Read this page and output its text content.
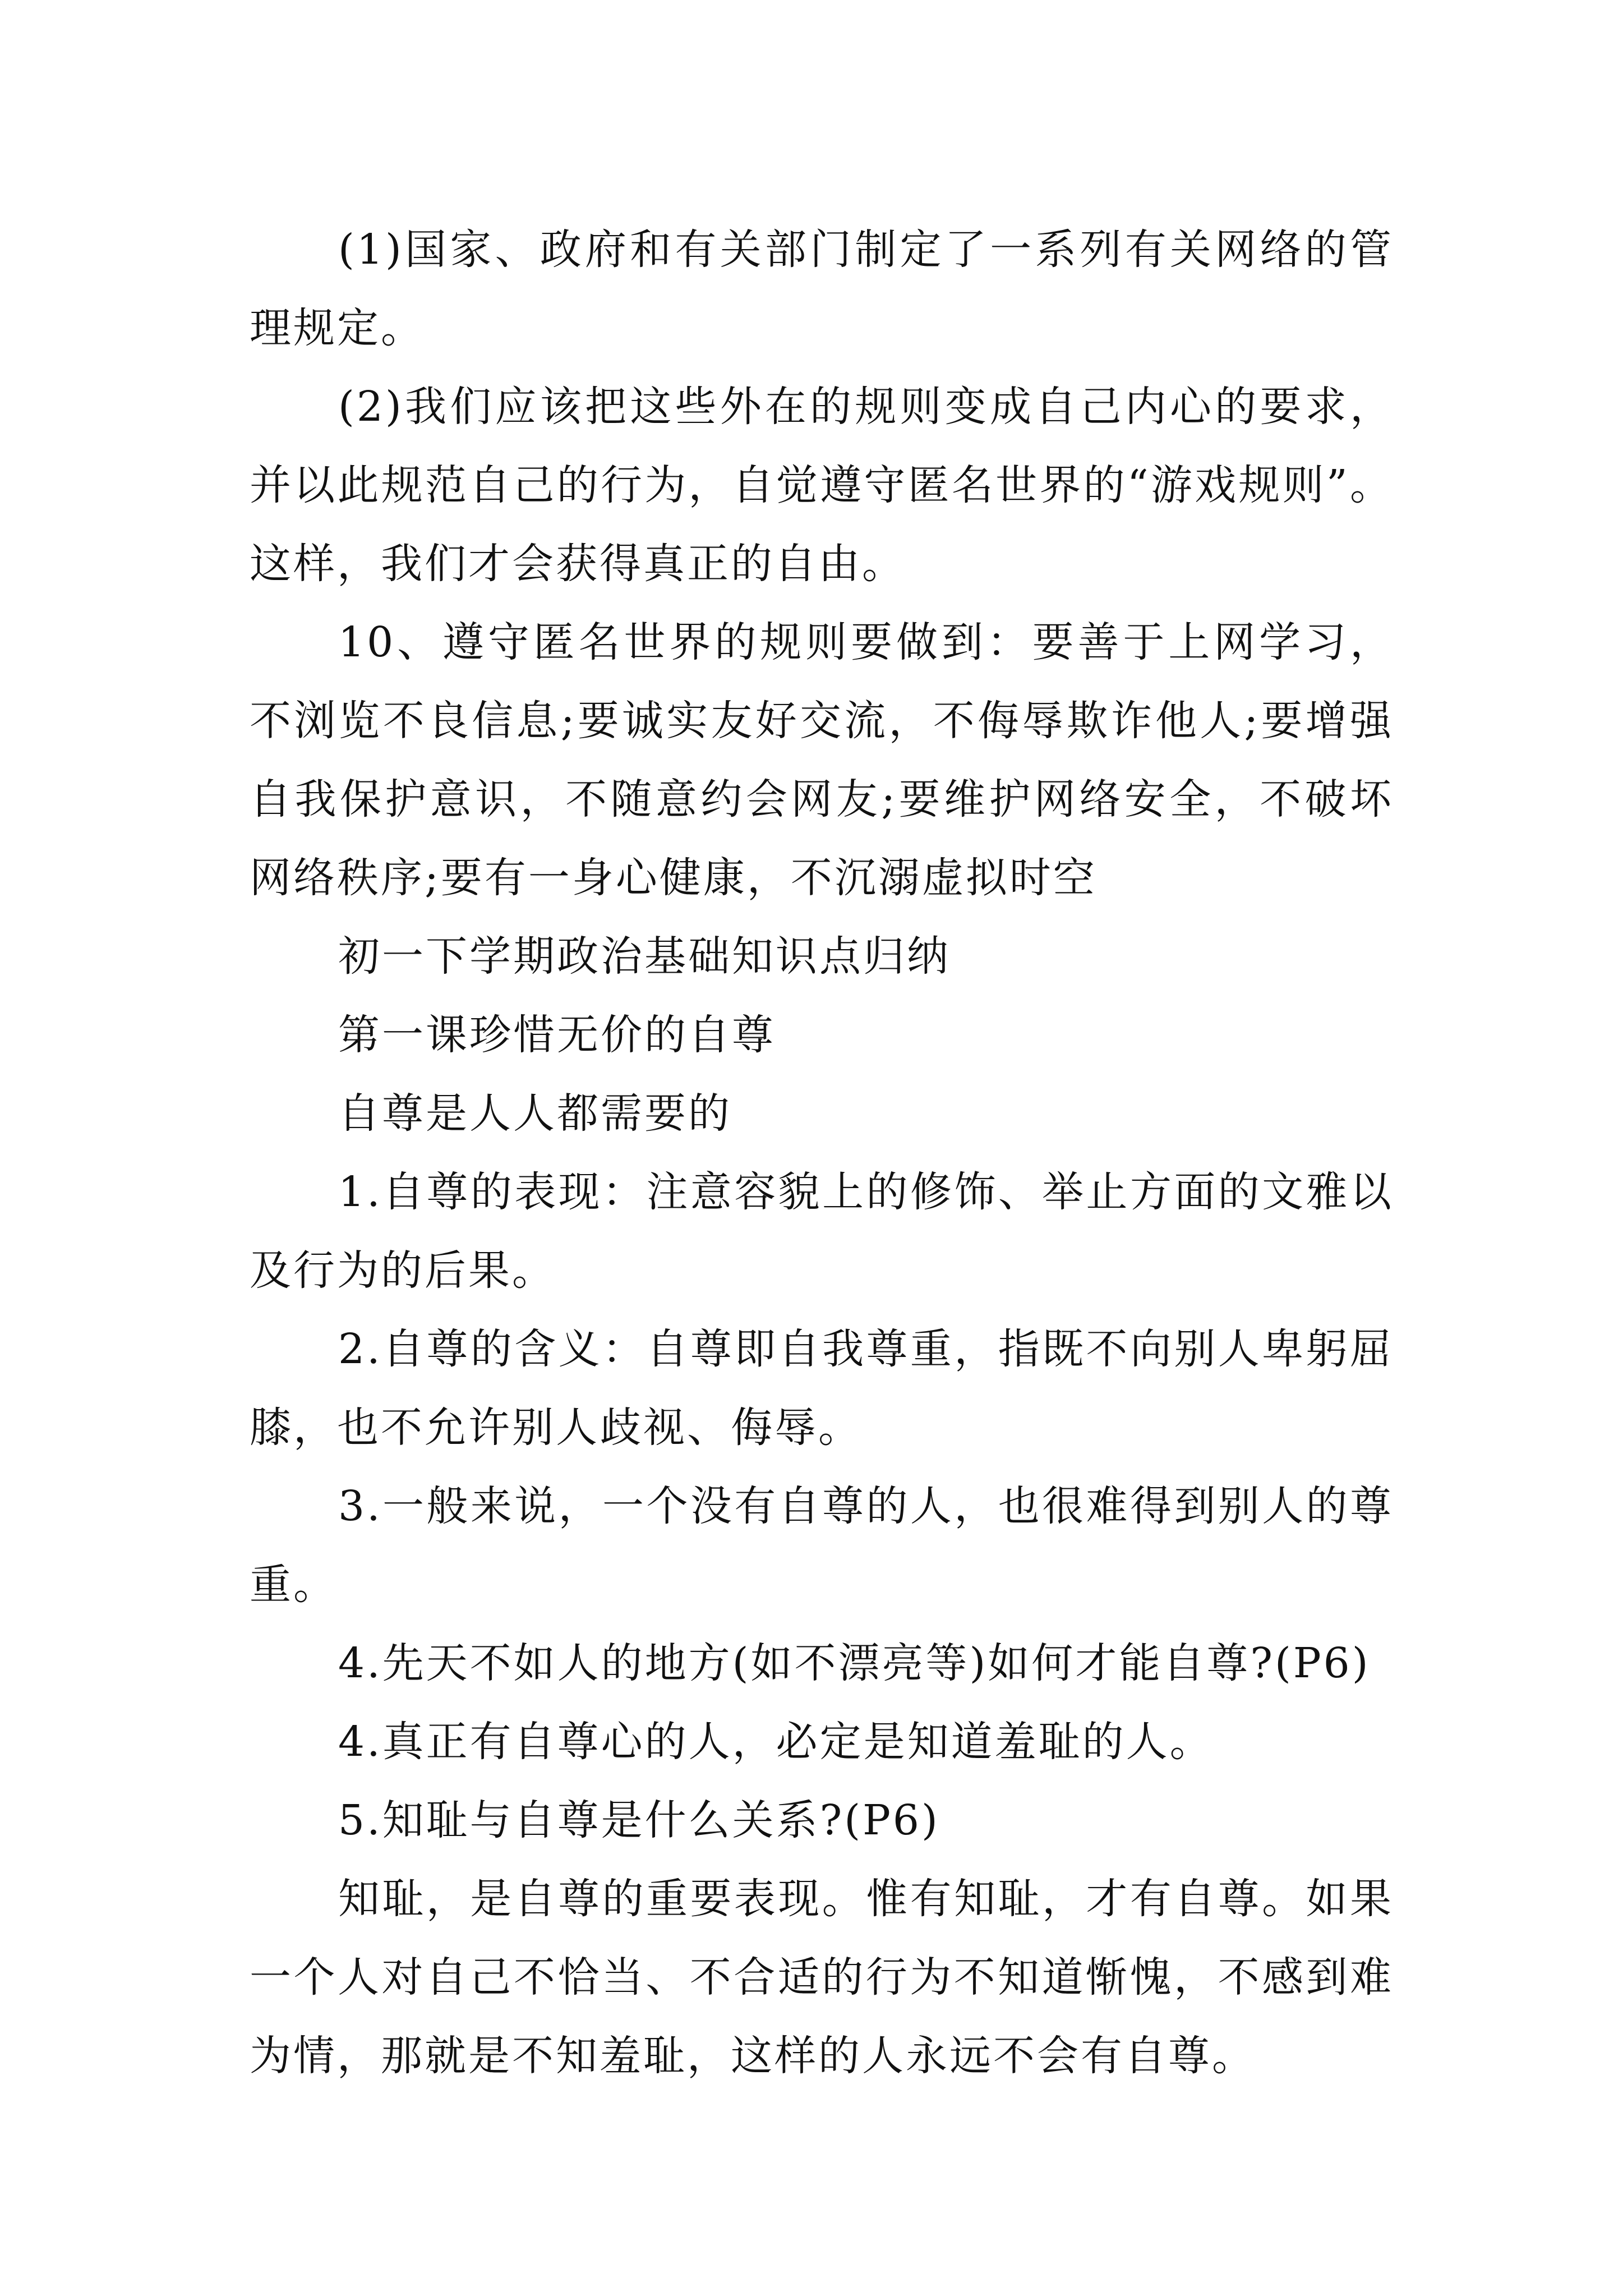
(1)国家、政府和有关部门制定了一系列有关网络的管理规定。

(2)我们应该把这些外在的规则变成自己内心的要求，并以此规范自己的行为，自觉遵守匿名世界的“游戏规则”。这样，我们才会获得真正的自由。

10、遵守匿名世界的规则要做到：要善于上网学习，不浏览不良信息;要诚实友好交流，不侮辱欺诈他人;要增强自我保护意识，不随意约会网友;要维护网络安全，不破坏网络秩序;要有一身心健康，不沉溺虚拟时空

初一下学期政治基础知识点归纳

第一课珍惜无价的自尊

自尊是人人都需要的

1.自尊的表现：注意容貌上的修饰、举止方面的文雅以及行为的后果。

2.自尊的含义：自尊即自我尊重，指既不向别人卑躬屈膝，也不允许别人歧视、侮辱。

3.一般来说，一个没有自尊的人，也很难得到别人的尊重。

4.先天不如人的地方(如不漂亮等)如何才能自尊?(P6)

4.真正有自尊心的人，必定是知道羞耻的人。

5.知耻与自尊是什么关系?(P6)

知耻，是自尊的重要表现。惟有知耻，才有自尊。如果一个人对自己不恰当、不合适的行为不知道惭愧，不感到难为情，那就是不知羞耻，这样的人永远不会有自尊。
